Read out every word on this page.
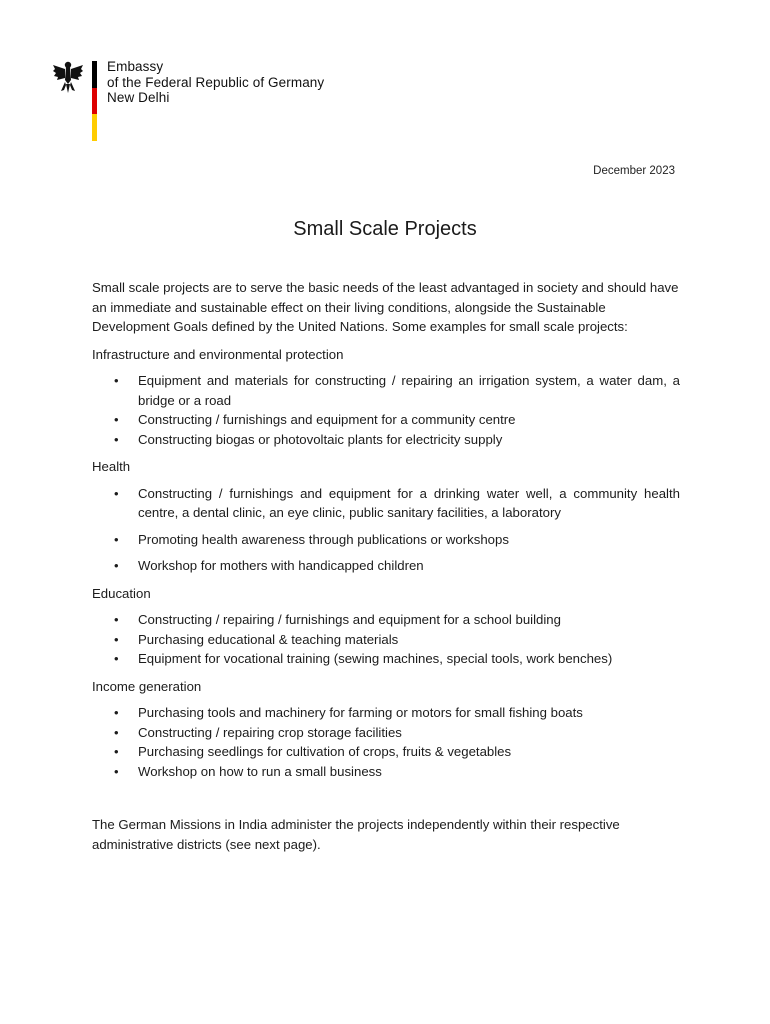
Embassy
of the Federal Republic of Germany
New Delhi
December 2023
Small Scale Projects

Small scale projects are to serve the basic needs of the least advantaged in society and should have an immediate and sustainable effect on their living conditions, alongside the Sustainable Development Goals defined by the United Nations. Some examples for small scale projects:

Infrastructure and environmental protection
• Equipment and materials for constructing / repairing an irrigation system, a water dam, a bridge or a road
• Constructing / furnishings and equipment for a community centre
• Constructing biogas or photovoltaic plants for electricity supply
Health
• Constructing / furnishings and equipment for a drinking water well, a community health centre, a dental clinic, an eye clinic, public sanitary facilities, a laboratory
• Promoting health awareness through publications or workshops
• Workshop for mothers with handicapped children
Education
• Constructing / repairing / furnishings and equipment for a school building
• Purchasing educational & teaching materials
• Equipment for vocational training (sewing machines, special tools, work benches)
Income generation
• Purchasing tools and machinery for farming or motors for small fishing boats
• Constructing / repairing crop storage facilities
• Purchasing seedlings for cultivation of crops, fruits & vegetables
• Workshop on how to run a small business

The German Missions in India administer the projects independently within their respective administrative districts (see next page).
